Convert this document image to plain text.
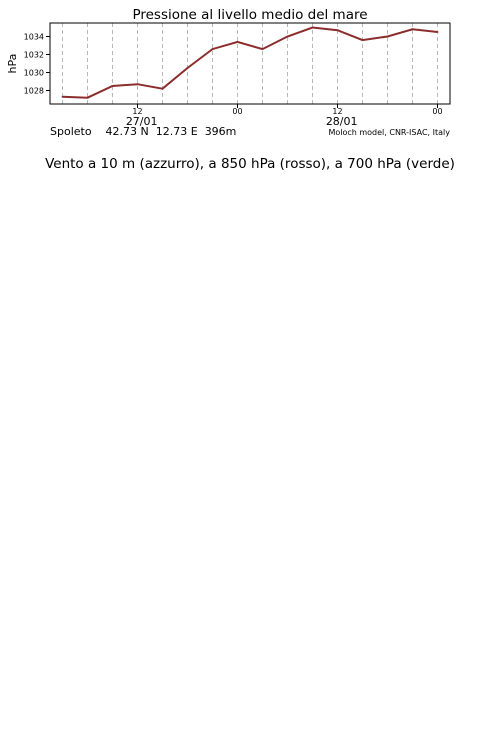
Pressione al livello medio del mare
12	00	12	00
27/01	28/01
Spoleto    42.73 N  12.73 E  396m	Moloch model, CNR-ISAC, Italy
1028
1030
1032
1034
hPa
Vento a 10 m (azzurro), a 850 hPa (rosso), a 700 hPa (verde)
